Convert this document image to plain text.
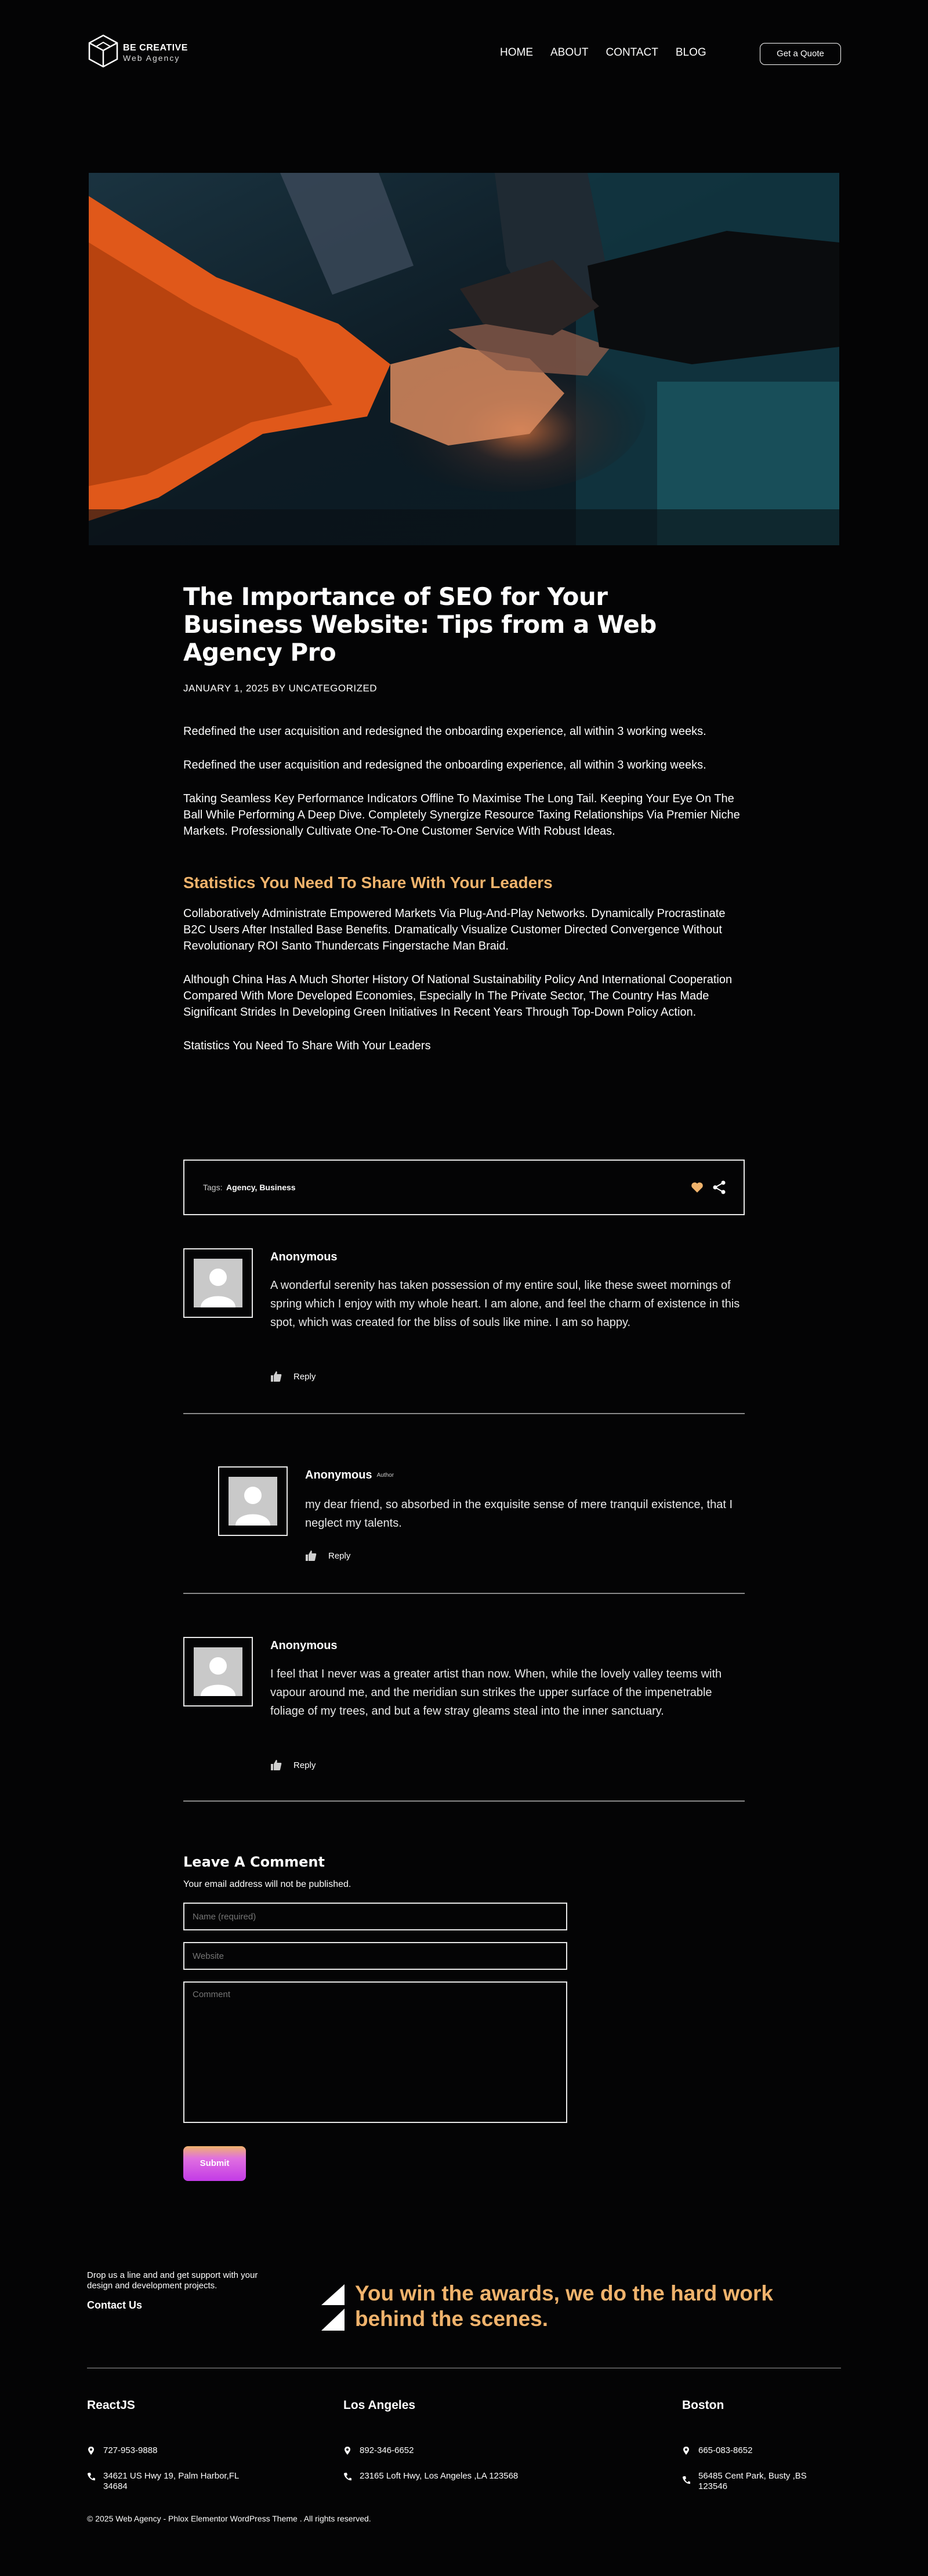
BE CREATIVE
Web Agency	HOME ABOUT CONTACT BLOG	Get a Quote
The Importance of SEO for Your Business Website: Tips from a Web Agency Pro
JANUARY 1, 2025 BY UNCATEGORIZED

Redefined the user acquisition and redesigned the onboarding experience, all within 3 working weeks.

Redefined the user acquisition and redesigned the onboarding experience, all within 3 working weeks.

Taking Seamless Key Performance Indicators Offline To Maximise The Long Tail. Keeping Your Eye On The Ball While Performing A Deep Dive. Completely Synergize Resource Taxing Relationships Via Premier Niche Markets. Professionally Cultivate One-To-One Customer Service With Robust Ideas.

Statistics You Need To Share With Your Leaders

Collaboratively Administrate Empowered Markets Via Plug-And-Play Networks. Dynamically Procrastinate B2C Users After Installed Base Benefits. Dramatically Visualize Customer Directed Convergence Without Revolutionary ROI Santo Thundercats Fingerstache Man Braid.

Although China Has A Much Shorter History Of National Sustainability Policy And International Cooperation Compared With More Developed Economies, Especially In The Private Sector, The Country Has Made Significant Strides In Developing Green Initiatives In Recent Years Through Top-Down Policy Action.

Statistics You Need To Share With Your Leaders

Tags: Agency, Business
Anonymous
A wonderful serenity has taken possession of my entire soul, like these sweet mornings of spring which I enjoy with my whole heart. I am alone, and feel the charm of existence in this spot, which was created for the bliss of souls like mine. I am so happy.
Reply
Anonymous Author
my dear friend, so absorbed in the exquisite sense of mere tranquil existence, that I neglect my talents.
Reply
Anonymous
I feel that I never was a greater artist than now. When, while the lovely valley teems with vapour around me, and the meridian sun strikes the upper surface of the impenetrable foliage of my trees, and but a few stray gleams steal into the inner sanctuary.
Reply
Leave A Comment
Your email address will not be published.
Name (required)
Website
Comment
Submit
Drop us a line and and get support with your design and development projects.
Contact Us	You win the awards, we do the hard work behind the scenes.
ReactJS
727-953-9888
34621 US Hwy 19, Palm Harbor,FL 34684
Los Angeles
892-346-6652
23165 Loft Hwy, Los Angeles ,LA 123568
Boston
665-083-8652
56485 Cent Park, Busty ,BS 123546
© 2025 Web Agency - Phlox Elementor WordPress Theme . All rights reserved.
